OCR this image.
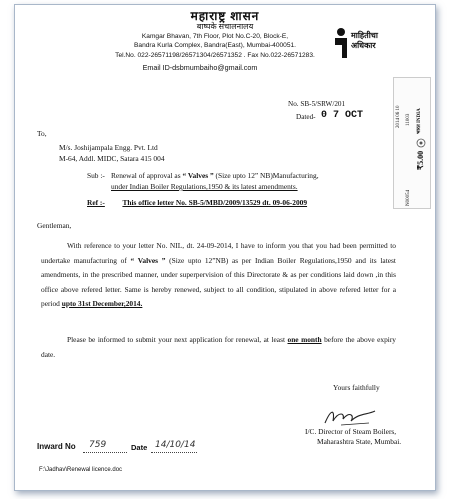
महाराष्ट्र शासन
बाष्पके संचालनालय
Kamgar Bhavan, 7th Floor, Plot No.C-20, Block-E,
Bandra Kurla Complex, Bandra(East), Mumbai-400051.
Tel.No. 022-26571198/26571304/26571352 . Fax No.022-26571283.
Email ID-dsbmumbaiho@gmail.com
माहितीचा अधिकार
No. SB-5/SRW/201
Dated- 0 7 OCT	2014 06 10 11003 भारत INDIA
₹5.00
N00054
To,
M/s. Joshijampala Engg. Pvt. Ltd
M-64, Addl. MIDC, Satara 415 004
Sub :- Renewal of approval as “ Valves ” (Size upto 12” NB)Manufacturing,
under Indian Boiler Regulations,1950 & its latest amendments.
Ref :- This office letter No. SB-5/MBD/2009/13529 dt. 09-06-2009
Gentleman,
With reference to your letter No. NIL, dt. 24-09-2014, I have to inform you that you had been permitted to undertake manufacturing of “ Valves ” (Size upto 12”NB) as per Indian Boiler Regulations,1950 and its latest amendments, in the prescribed manner, under superpervision of this Directorate & as per conditions laid down ,in this office above refered letter. Same is hereby renewed, subject to all condition, stipulated in above refered letter for a period upto 31st December,2014.
Please be informed to submit your next application for renewal, at least one month before the above expiry date.
Yours faithfully
I/C. Director of Steam Boilers,
Maharashtra State, Mumbai.
Inward No 759	Date 14/10/14
F:\Jadhav\Renewal licence.doc
